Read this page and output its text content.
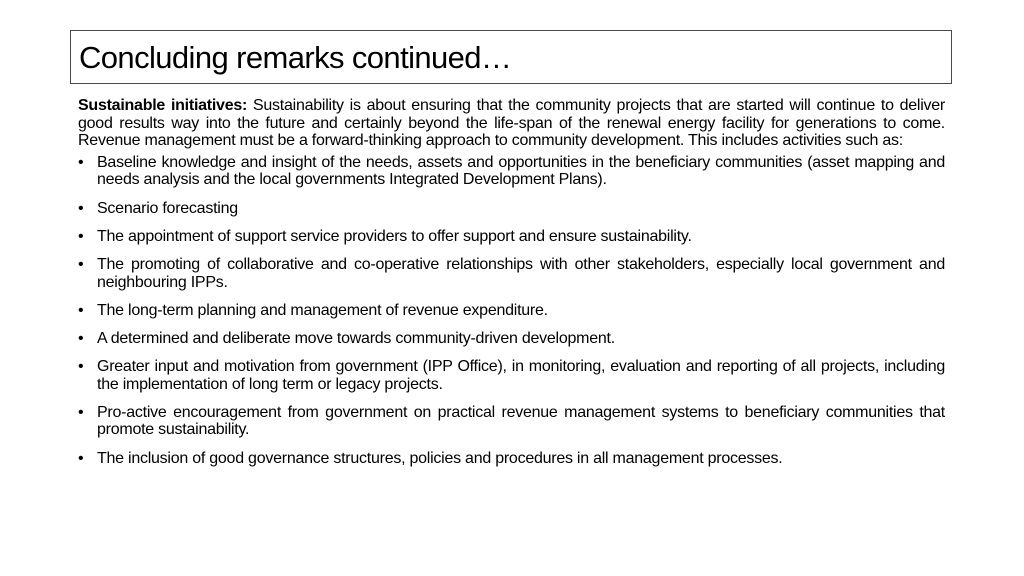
Concluding remarks continued…

Sustainable initiatives: Sustainability is about ensuring that the community projects that are started will continue to deliver good results way into the future and certainly beyond the life-span of the renewal energy facility for generations to come. Revenue management must be a forward-thinking approach to community development. This includes activities such as:

• Baseline knowledge and insight of the needs, assets and opportunities in the beneficiary communities (asset mapping and needs analysis and the local governments Integrated Development Plans).
• Scenario forecasting
• The appointment of support service providers to offer support and ensure sustainability.
• The promoting of collaborative and co-operative relationships with other stakeholders, especially local government and neighbouring IPPs.
• The long-term planning and management of revenue expenditure.
• A determined and deliberate move towards community-driven development.
• Greater input and motivation from government (IPP Office), in monitoring, evaluation and reporting of all projects, including the implementation of long term or legacy projects.
• Pro-active encouragement from government on practical revenue management systems to beneficiary communities that promote sustainability.
• The inclusion of good governance structures, policies and procedures in all management processes.
